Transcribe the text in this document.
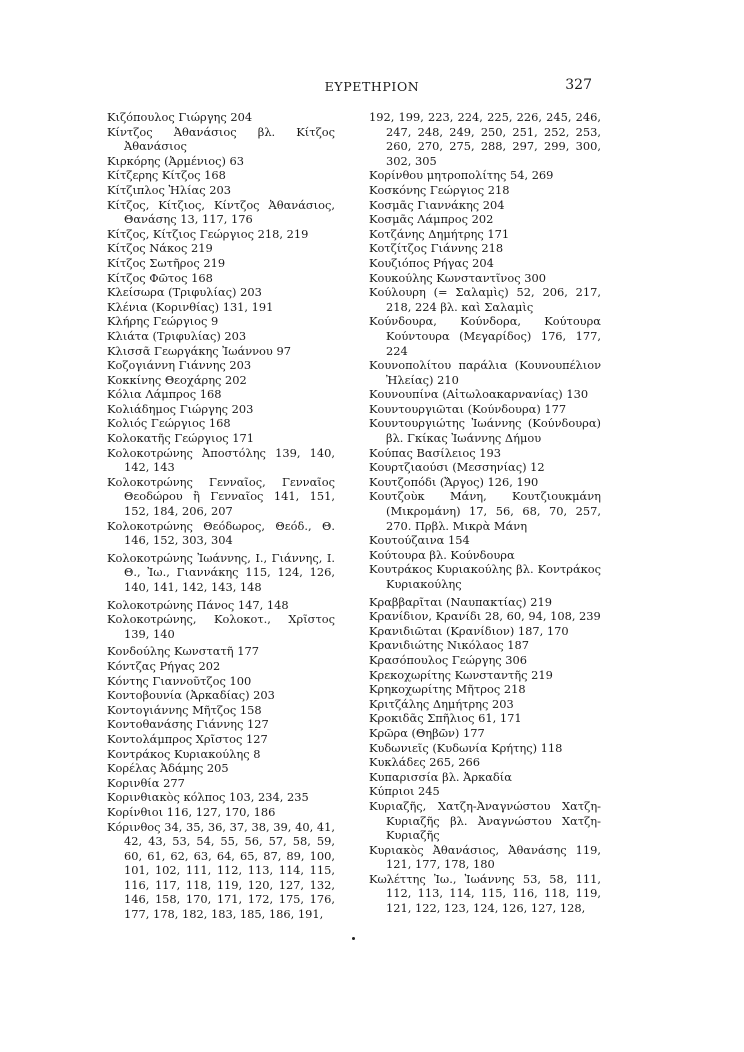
ΕΥΡΕΤΗΡΙΟΝ	327
Κιζόπουλος Γιώργης 204
Κίντζος Ἀθανάσιος βλ. Κίτζος Ἀθανάσιος
Κιρκόρης (Ἀρμένιος) 63
Κίτζερης Κίτζος 168
Κίτζιπλος Ἠλίας 203
Κίτζος, Κίτζιος, Κίντζος Ἀθανάσιος, Θανάσης 13, 117, 176
Κίτζος, Κίτζιος Γεώργιος 218, 219
Κίτζος Νάκος 219
Κίτζος Σωτῆρος 219
Κίτζος Φῶτος 168
Κλείσωρα (Τριφυλίας) 203
Κλένια (Κορινθίας) 131, 191
Κλήρης Γεώργιος 9
Κλιάτα (Τριφυλίας) 203
Κλισσᾶ Γεωργάκης Ἰωάννου 97
Κοζογιάννη Γιάννης 203
Κοκκίνης Θεοχάρης 202
Κόλια Λάμπρος 168
Κολιάδημος Γιώργης 203
Κολιός Γεώργιος 168
Κολοκατῆς Γεώργιος 171
Κολοκοτρώνης Ἀποστόλης 139, 140, 142, 143
Κολοκοτρώνης Γενναῖος, Γενναῖος Θεοδώρου ἢ Γενναῖος 141, 151, 152, 184, 206, 207
Κολοκοτρώνης Θεόδωρος, Θεόδ., Θ. 146, 152, 303, 304
Κολοκοτρώνης Ἰωάννης, Ι., Γιάννης, Ι. Θ., Ἰω., Γιαννάκης 115, 124, 126, 140, 141, 142, 143, 148
Κολοκοτρώνης Πάνος 147, 148
Κολοκοτρώνης, Κολοκοτ., Χρῖστος 139, 140
Κονδούλης Κωνστατῆ 177
Κόντζας Ρήγας 202
Κόντης Γιαννοῦτζος 100
Κοντοβουνία (Ἀρκαδίας) 203
Κοντογιάννης Μῆτζος 158
Κοντοθανάσης Γιάννης 127
Κοντολάμπρος Χρῖστος 127
Κοντράκος Κυριακούλης 8
Κορέλας Ἀδάμης 205
Κορινθία 277
Κορινθιακὸς κόλπος 103, 234, 235
Κορίνθιοι 116, 127, 170, 186
Κόρινθος 34, 35, 36, 37, 38, 39, 40, 41, 42, 43, 53, 54, 55, 56, 57, 58, 59, 60, 61, 62, 63, 64, 65, 87, 89, 100, 101, 102, 111, 112, 113, 114, 115, 116, 117, 118, 119, 120, 127, 132, 146, 158, 170, 171, 172, 175, 176, 177, 178, 182, 183, 185, 186, 191,
192, 199, 223, 224, 225, 226, 245, 246, 247, 248, 249, 250, 251, 252, 253, 260, 270, 275, 288, 297, 299, 300, 302, 305
Κορίνθου μητροπολίτης 54, 269
Κοσκόνης Γεώργιος 218
Κοσμᾶς Γιαννάκης 204
Κοσμᾶς Λάμπρος 202
Κοτζάνης Δημήτρης 171
Κοτζίτζος Γιάννης 218
Κουζιόπος Ρήγας 204
Κουκούλης Κωνσταντῖνος 300
Κούλουρη (= Σαλαμὶς) 52, 206, 217, 218, 224 βλ. καὶ Σαλαμὶς
Κούνδουρα, Κούνδορα, Κούτουρα Κούντουρα (Μεγαρίδος) 176, 177, 224
Κουνοπολίτου παράλια (Κουνουπέλιον Ἠλείας) 210
Κουνουπίνα (Αἰτωλοακαρνανίας) 130
Κουντουργιῶται (Κούνδουρα) 177
Κουντουργιώτης Ἰωάννης (Κούνδουρα) βλ. Γκίκας Ἰωάννης Δήμου
Κούπας Βασίλειος 193
Κουρτζιαούσι (Μεσσηνίας) 12
Κουτζοπόδι (Ἄργος) 126, 190
Κουτζοὺκ Μάνη, Κουτζιουκμάνη (Μικρομάνη) 17, 56, 68, 70, 257, 270. Πρβλ. Μικρὰ Μάνη
Κουτούζαινα 154
Κούτουρα βλ. Κούνδουρα
Κουτράκος Κυριακούλης βλ. Κοντράκος Κυριακούλης
Κραββαρῖται (Ναυπακτίας) 219
Κρανίδιον, Κρανίδι 28, 60, 94, 108, 239
Κρανιδιῶται (Κρανίδιον) 187, 170
Κρανιδιώτης Νικόλαος 187
Κρασόπουλος Γεώργης 306
Κρεκοχωρίτης Κωνσταντῆς 219
Κρηκοχωρίτης Μῆτρος 218
Κριτζάλης Δημήτρης 203
Κροκιδᾶς Σπῆλιος 61, 171
Κρῶρα (Θηβῶν) 177
Κυδωνιεῖς (Κυδωνία Κρήτης) 118
Κυκλάδες 265, 266
Κυπαρισσία βλ. Ἀρκαδία
Κύπριοι 245
Κυριαζῆς, Χατζη-Ἀναγνώστου Χατζη-Κυριαζῆς βλ. Ἀναγνώστου Χατζη-Κυριαζῆς
Κυριακὸς Ἀθανάσιος, Ἀθανάσης 119, 121, 177, 178, 180
Κωλέττης Ἰω., Ἰωάννης 53, 58, 111, 112, 113, 114, 115, 116, 118, 119, 121, 122, 123, 124, 126, 127, 128,
